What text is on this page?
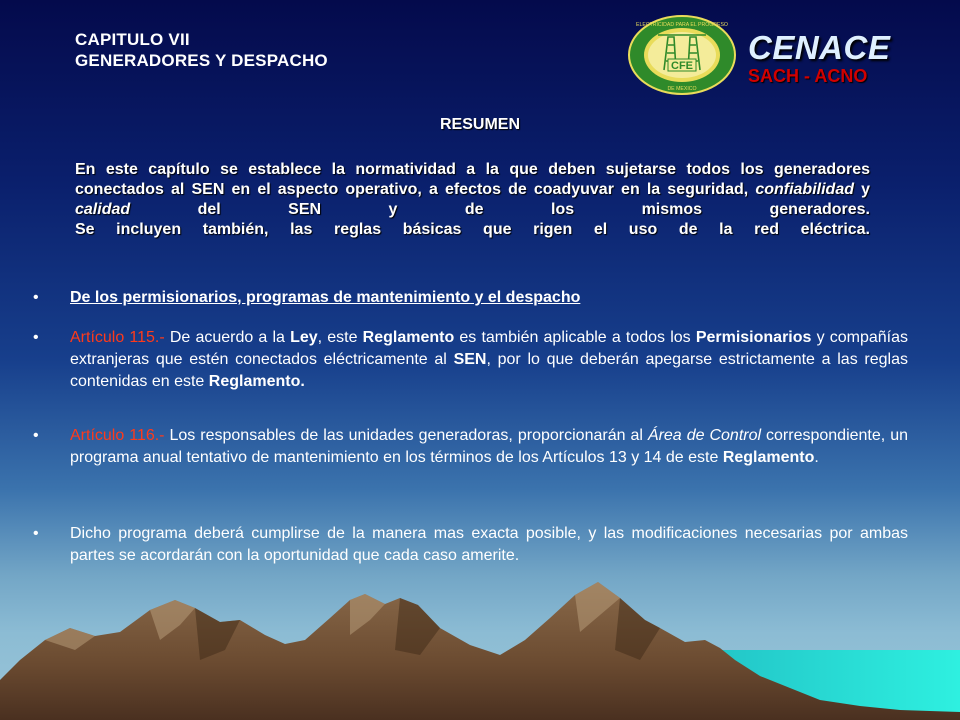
CAPITULO VII
GENERADORES Y DESPACHO	CFE
ELECTRICIDAD PARA EL PROGRESO
DE MEXICO
CENACE
SACH - ACNO
RESUMEN

En este capítulo se establece la normatividad a la que deben sujetarse todos los generadores conectados al SEN en el aspecto operativo, a efectos de coadyuvar en la seguridad, confiabilidad y calidad del SEN y de los mismos generadores.

Se incluyen también, las reglas básicas que rigen el uso de la red eléctrica.

• De los permisionarios, programas de mantenimiento y el despacho
• Artículo 115.- De acuerdo a la Ley, este Reglamento es también aplicable a todos los Permisionarios y compañías extranjeras que estén conectados eléctricamente al SEN, por lo que deberán apegarse estrictamente a las reglas contenidas en este Reglamento.
• Artículo 116.- Los responsables de las unidades generadoras, proporcionarán al Área de Control correspondiente, un programa anual tentativo de mantenimiento en los términos de los Artículos 13 y 14 de este Reglamento.
• Dicho programa deberá cumplirse de la manera mas exacta posible, y las modificaciones necesarias por ambas partes se acordarán con la oportunidad que cada caso amerite.
